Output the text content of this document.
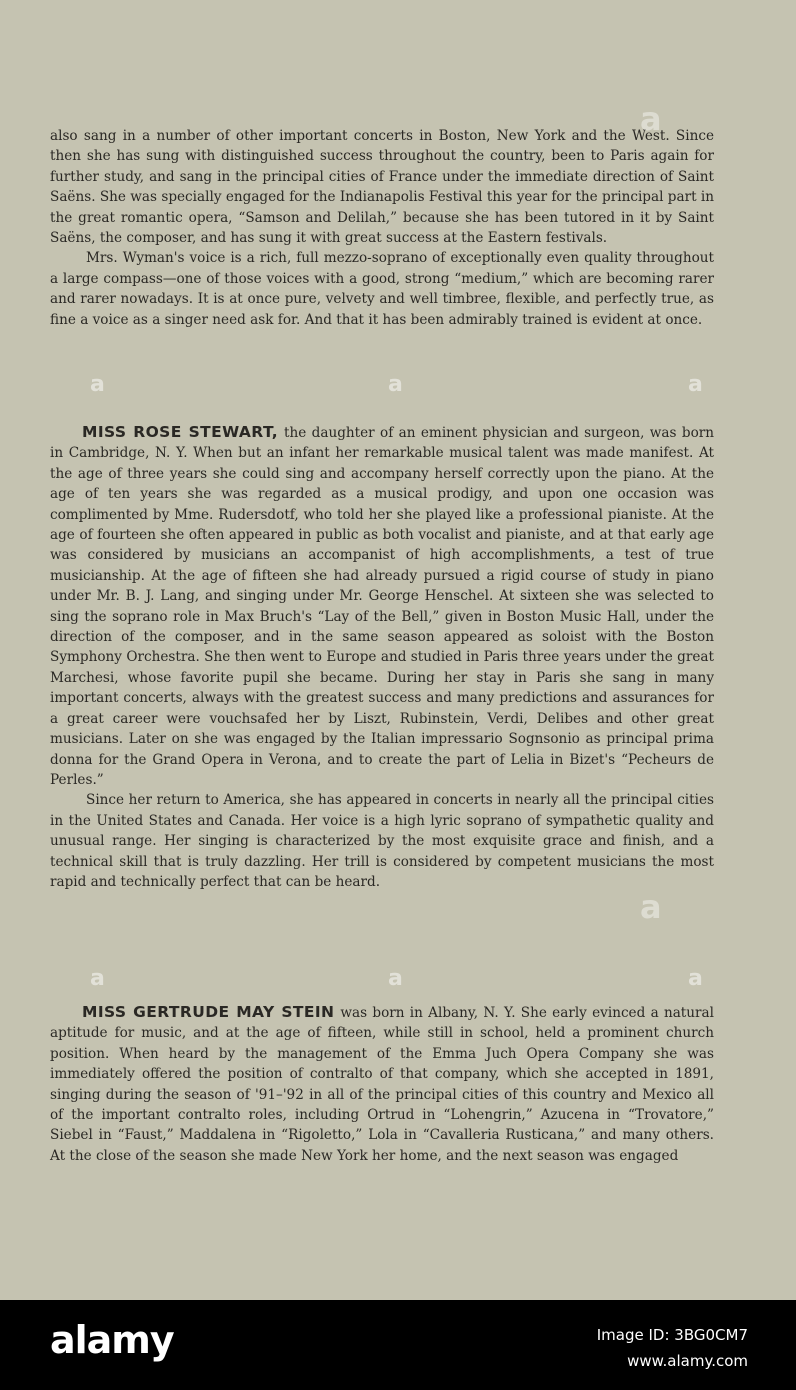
also sang in a number of other important concerts in Boston, New York and the West. Since then she has sung with distinguished success throughout the country, been to Paris again for further study, and sang in the principal cities of France under the immediate direction of Saint Saëns. She was specially engaged for the Indianapolis Festival this year for the principal part in the great romantic opera, “Samson and Delilah,” because she has been tutored in it by Saint Saëns, the composer, and has sung it with great success at the Eastern festivals.

Mrs. Wyman's voice is a rich, full mezzo-soprano of exceptionally even quality throughout a large compass—one of those voices with a good, strong “medium,” which are becoming rarer and rarer nowadays. It is at once pure, velvety and well timbree, flexible, and perfectly true, as fine a voice as a singer need ask for. And that it has been admirably trained is evident at once.

MISS ROSE STEWART, the daughter of an eminent physician and surgeon, was born in Cambridge, N. Y. When but an infant her remarkable musical talent was made manifest. At the age of three years she could sing and accompany herself correctly upon the piano. At the age of ten years she was regarded as a musical prodigy, and upon one occasion was complimented by Mme. Rudersdotf, who told her she played like a professional pianiste. At the age of fourteen she often appeared in public as both vocalist and pianiste, and at that early age was considered by musicians an accompanist of high accomplishments, a test of true musicianship. At the age of fifteen she had already pursued a rigid course of study in piano under Mr. B. J. Lang, and singing under Mr. George Henschel. At sixteen she was selected to sing the soprano role in Max Bruch's “Lay of the Bell,” given in Boston Music Hall, under the direction of the composer, and in the same season appeared as soloist with the Boston Symphony Orchestra. She then went to Europe and studied in Paris three years under the great Marchesi, whose favorite pupil she became. During her stay in Paris she sang in many important concerts, always with the greatest success and many predictions and assurances for a great career were vouchsafed her by Liszt, Rubinstein, Verdi, Delibes and other great musicians. Later on she was engaged by the Italian impressario Sognsonio as principal prima donna for the Grand Opera in Verona, and to create the part of Lelia in Bizet's “Pecheurs de Perles.”

Since her return to America, she has appeared in concerts in nearly all the principal cities in the United States and Canada. Her voice is a high lyric soprano of sympathetic quality and unusual range. Her singing is characterized by the most exquisite grace and finish, and a technical skill that is truly dazzling. Her trill is considered by competent musicians the most rapid and technically perfect that can be heard.

MISS GERTRUDE MAY STEIN was born in Albany, N. Y. She early evinced a natural aptitude for music, and at the age of fifteen, while still in school, held a prominent church position. When heard by the management of the Emma Juch Opera Company she was immediately offered the position of contralto of that company, which she accepted in 1891, singing during the season of '91–'92 in all of the principal cities of this country and Mexico all of the important contralto roles, including Ortrud in “Lohengrin,” Azucena in “Trovatore,” Siebel in “Faust,” Maddalena in “Rigoletto,” Lola in “Cavalleria Rusticana,” and many others. At the close of the season she made New York her home, and the next season was engaged

a
a	a	a
a
a	a	a
alamy	Image ID: 3BG0CM7
www.alamy.com
